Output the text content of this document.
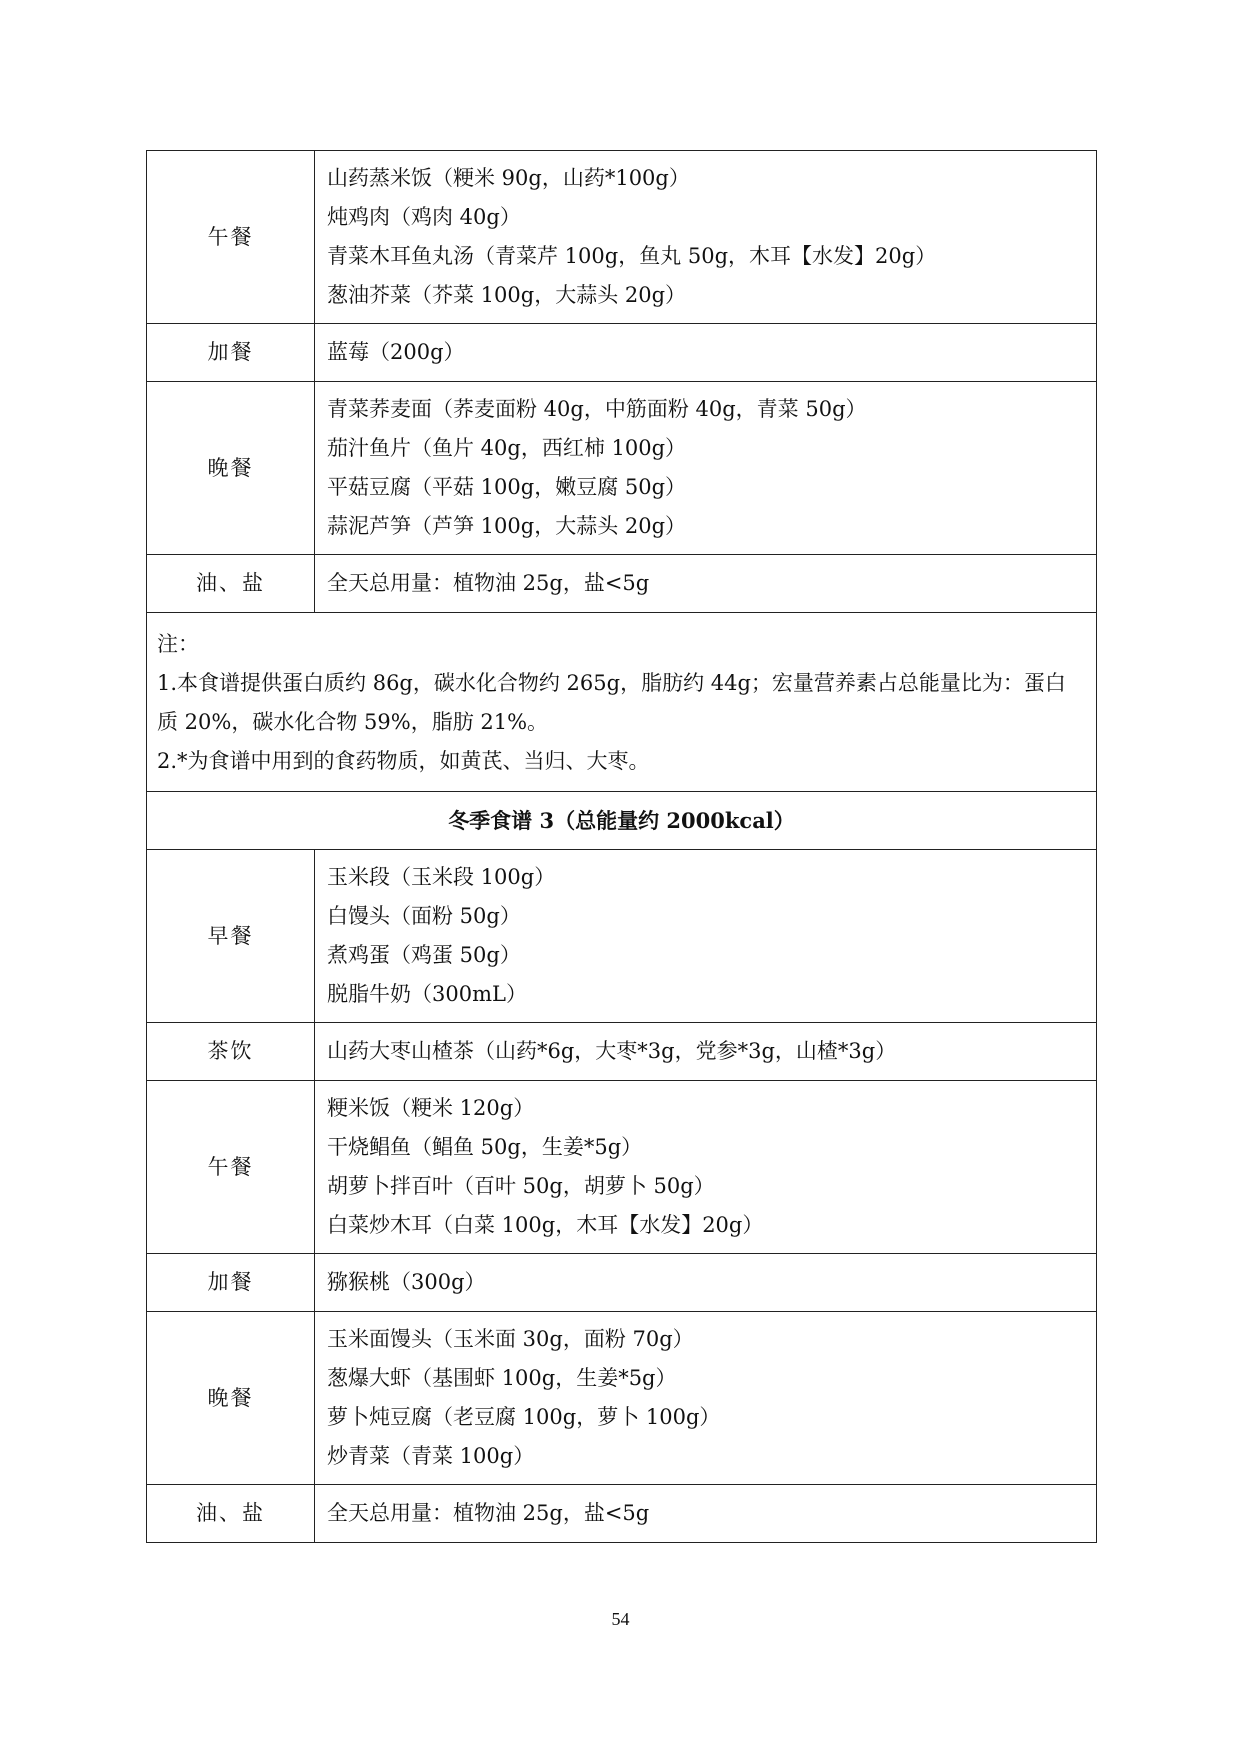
午餐	山药蒸米饭（粳米 90g，山药*100g）
炖鸡肉（鸡肉 40g）
青菜木耳鱼丸汤（青菜芹 100g，鱼丸 50g，木耳【水发】20g）
葱油芥菜（芥菜 100g，大蒜头 20g）

加餐	蓝莓（200g）

晚餐	青菜荞麦面（荞麦面粉 40g，中筋面粉 40g，青菜 50g）
茄汁鱼片（鱼片 40g，西红柿 100g）
平菇豆腐（平菇 100g，嫩豆腐 50g）
蒜泥芦笋（芦笋 100g，大蒜头 20g）

油、盐	全天总用量：植物油 25g，盐<5g

注：
1.本食谱提供蛋白质约 86g，碳水化合物约 265g，脂肪约 44g；宏量营养素占总能量比为：蛋白质 20%，碳水化合物 59%，脂肪 21%。
2.*为食谱中用到的食药物质，如黄芪、当归、大枣。	

冬季食谱 3（总能量约 2000kcal）	
早餐	玉米段（玉米段 100g）
白馒头（面粉 50g）
煮鸡蛋（鸡蛋 50g）
脱脂牛奶（300mL）

茶饮	山药大枣山楂茶（山药*6g，大枣*3g，党参*3g，山楂*3g）

午餐	粳米饭（粳米 120g）
干烧鲳鱼（鲳鱼 50g，生姜*5g）
胡萝卜拌百叶（百叶 50g，胡萝卜 50g）
白菜炒木耳（白菜 100g，木耳【水发】20g）

加餐	猕猴桃（300g）

晚餐	玉米面馒头（玉米面 30g，面粉 70g）
葱爆大虾（基围虾 100g，生姜*5g）
萝卜炖豆腐（老豆腐 100g，萝卜 100g）
炒青菜（青菜 100g）

油、盐	全天总用量：植物油 25g，盐<5g
54
